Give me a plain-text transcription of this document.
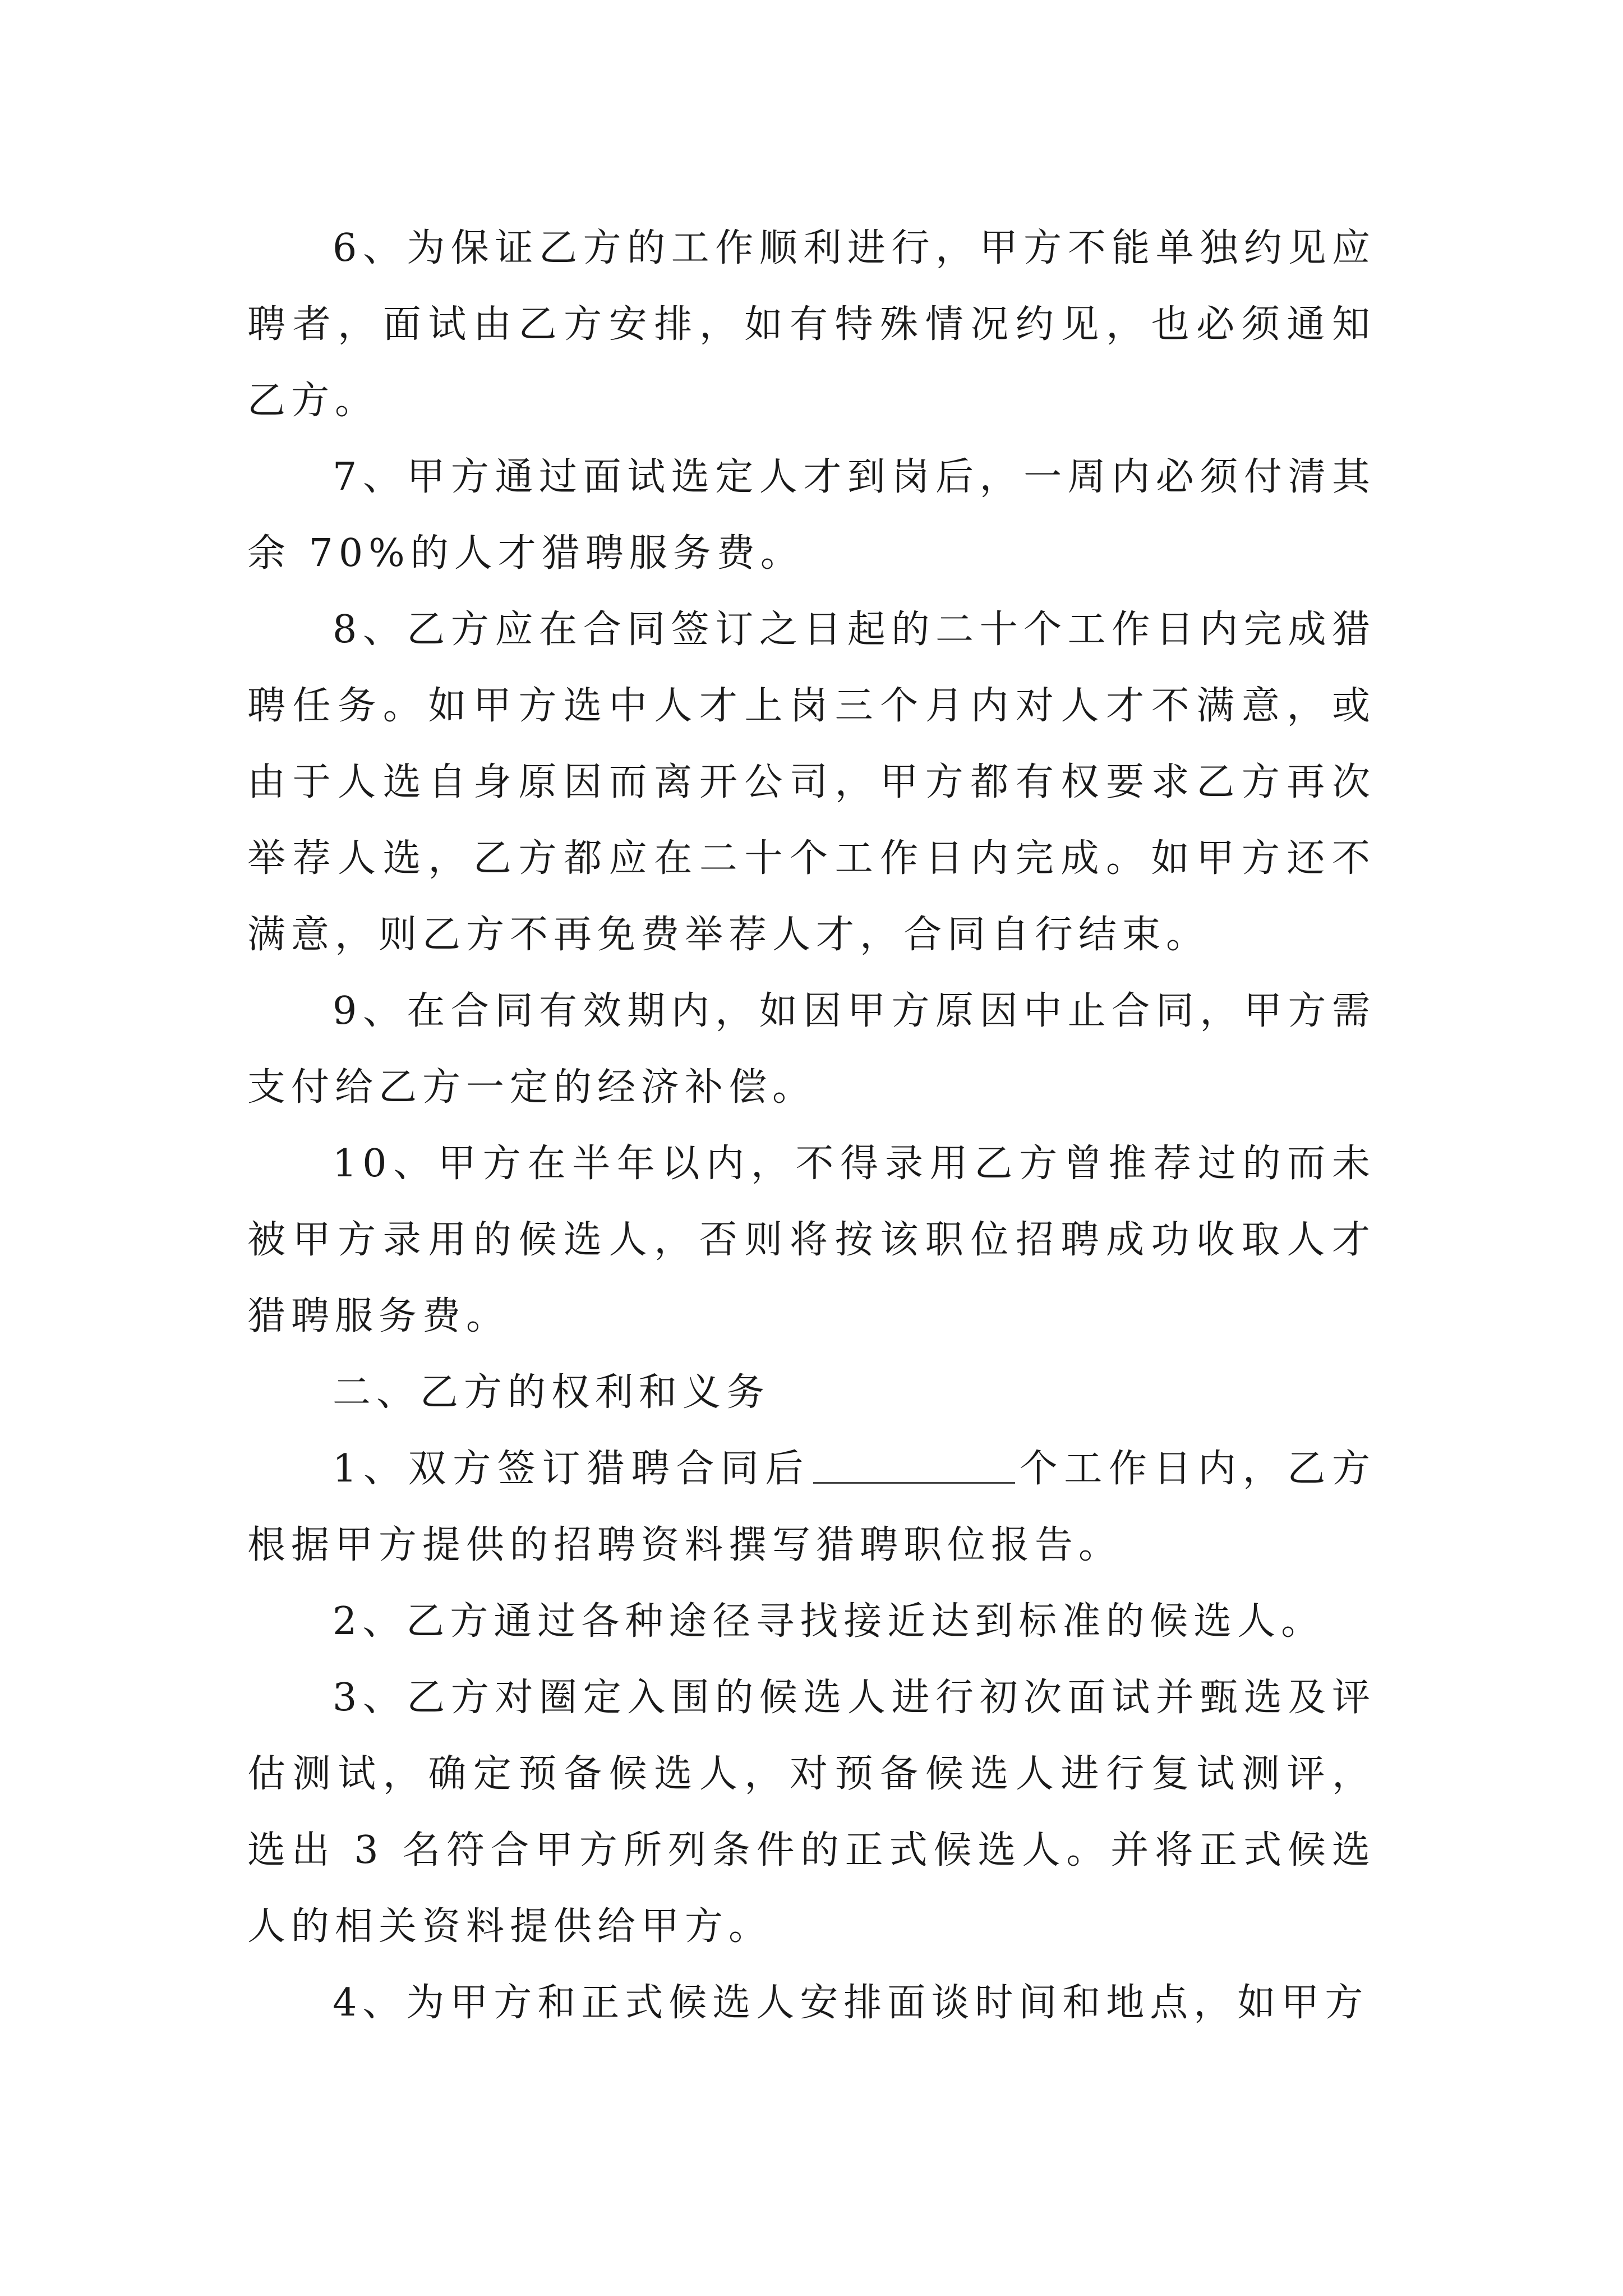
6、为保证乙方的工作顺利进行，甲方不能单独约见应聘者，面试由乙方安排，如有特殊情况约见，也必须通知乙方。

7、甲方通过面试选定人才到岗后，一周内必须付清其余 70%的人才猎聘服务费。

8、乙方应在合同签订之日起的二十个工作日内完成猎聘任务。如甲方选中人才上岗三个月内对人才不满意，或由于人选自身原因而离开公司，甲方都有权要求乙方再次举荐人选，乙方都应在二十个工作日内完成。如甲方还不满意，则乙方不再免费举荐人才，合同自行结束。

9、在合同有效期内，如因甲方原因中止合同，甲方需支付给乙方一定的经济补偿。

10、甲方在半年以内，不得录用乙方曾推荐过的而未被甲方录用的候选人，否则将按该职位招聘成功收取人才猎聘服务费。

二、乙方的权利和义务

1、双方签订猎聘合同后	个工作日内，乙方根据甲方提供的招聘资料撰写猎聘职位报告。

2、乙方通过各种途径寻找接近达到标准的候选人。

3、乙方对圈定入围的候选人进行初次面试并甄选及评估测试，确定预备候选人，对预备候选人进行复试测评，选出 3 名符合甲方所列条件的正式候选人。并将正式候选人的相关资料提供给甲方。

4、为甲方和正式候选人安排面谈时间和地点，如甲方
